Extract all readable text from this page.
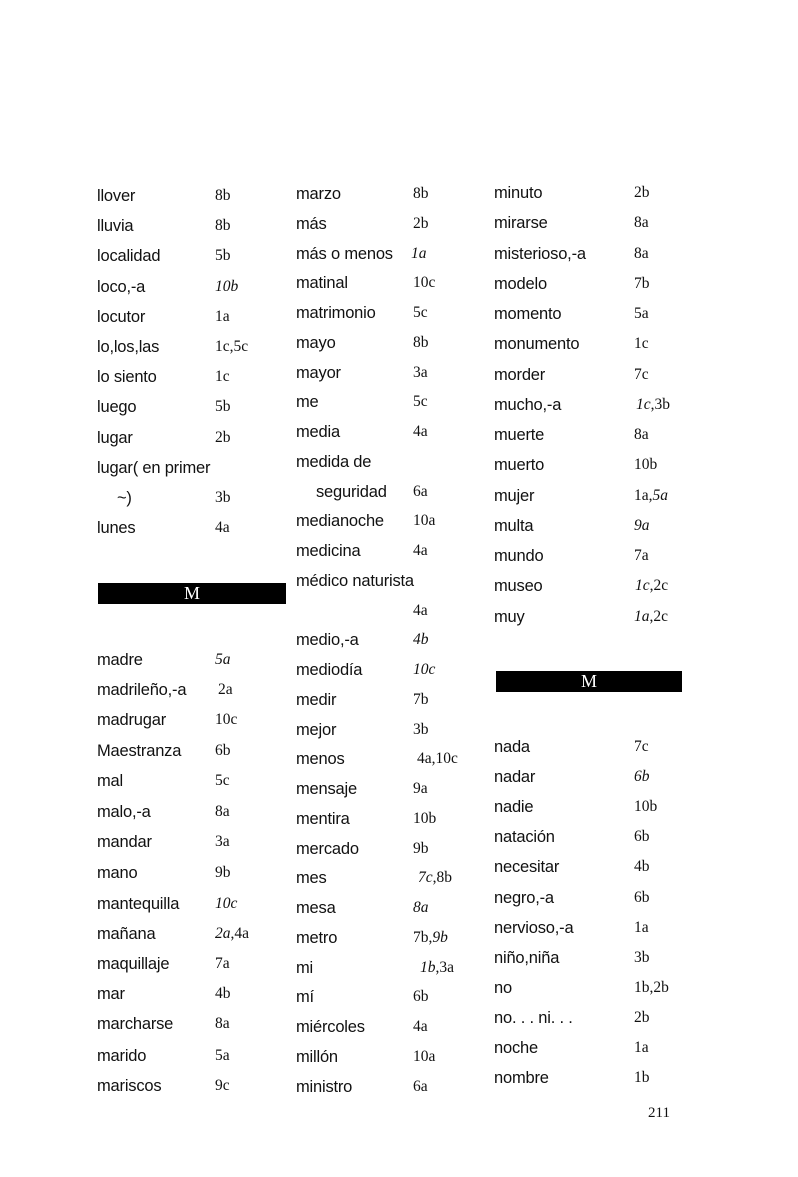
llover	8b
lluvia	8b
localidad	5b
loco,-a	10b
locutor	1a
lo,los,las	1c,5c
lo siento	1c
luego	5b
lugar	2b
lugar( en primer
~)	3b
lunes	4a
madre	5a
madrileño,-a 2a
madrugar	10c
Maestranza 6b
mal	5c
malo,-a	8a
mandar	3a
mano	9b
mantequilla 10c
mañana	2a,4a
maquillaje	7a
mar	4b
marcharse	8a
marido	5a
mariscos	9c
marzo	8b
más	2b
más o menos 1a
matinal	10c
matrimonio 5c
mayo	8b
mayor	3a
me	5c
media	4a
medida de
seguridad 6a
medianoche 10a
medicina	4a
médico naturista
4a
medio,-a	4b
mediodía	10c
medir	7b
mejor	3b
menos	4a,10c
mensaje	9a
mentira	10b
mercado	9b
mes	7c,8b
mesa	8a
metro	7b,9b
mi	1b,3a
mí	6b
miércoles	4a
millón	10a
ministro	6a
minuto	2b
mirarse	8a
misterioso,-a	8a
modelo	7b
momento	5a
monumento	1c
morder	7c
mucho,-a	1c,3b
muerte	8a
muerto	10b
mujer	1a,5a
multa	9a
mundo	7a
museo	1c,2c
muy	1a,2c
nada	7c
nadar	6b
nadie	10b
natación	6b
necesitar	4b
negro,-a	6b
nervioso,-a	1a
niño,niña	3b
no	1b,2b
no. . . ni. . .	2b
noche	1a
nombre	1b
M
M
211
